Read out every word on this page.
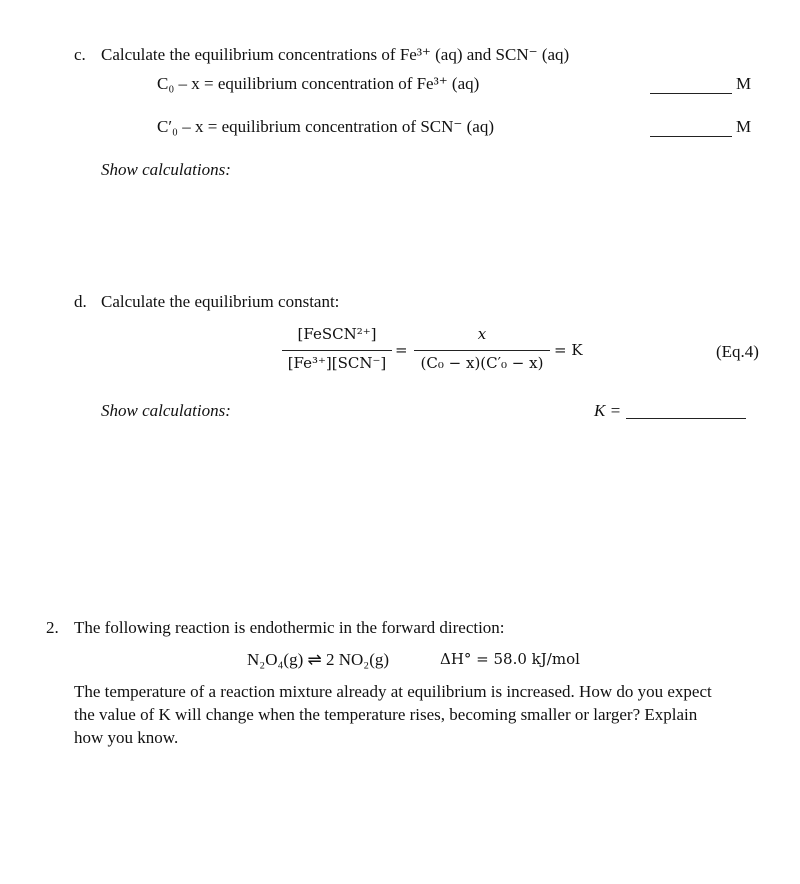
c. Calculate the equilibrium concentrations of Fe³⁺ (aq) and SCN⁻ (aq)
C₀ – x = equilibrium concentration of Fe³⁺ (aq)	M
C′₀ – x = equilibrium concentration of SCN⁻ (aq)	M
Show calculations:
d. Calculate the equilibrium constant:
[FeSCN²⁺]
[Fe³⁺][SCN⁻]
=
x
(C₀ − x)(C′₀ − x)
= K	(Eq.4)
Show calculations:	K =
2. The following reaction is endothermic in the forward direction:
N₂O₄(g) ⇌ 2 NO₂(g)	ΔH° = 58.0 kJ/mol
The temperature of a reaction mixture already at equilibrium is increased. How do you expect
the value of K will change when the temperature rises, becoming smaller or larger? Explain
how you know.
